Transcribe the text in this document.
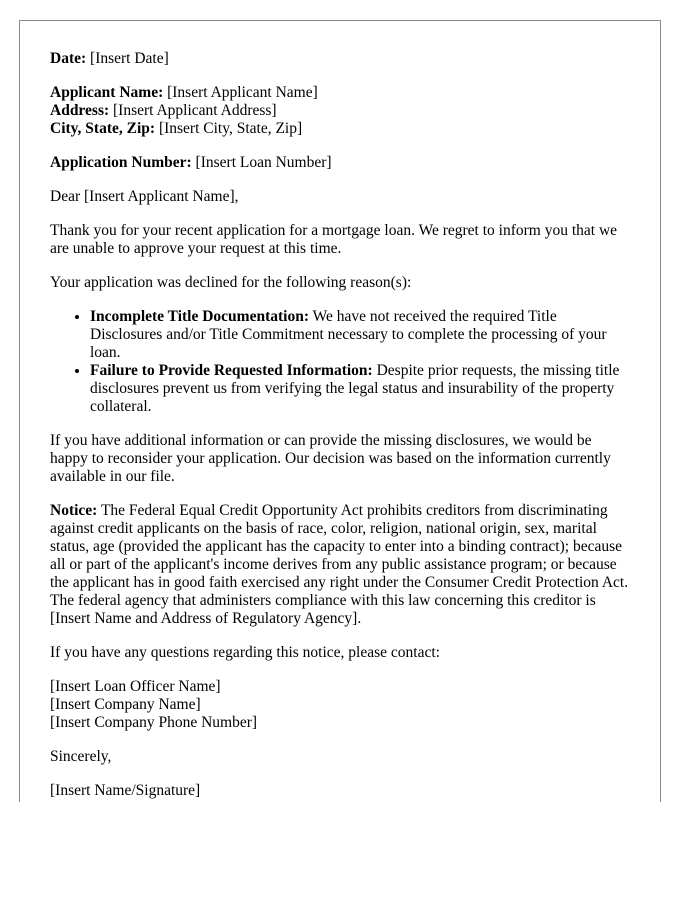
Date: [Insert Date]

Applicant Name: [Insert Applicant Name]

Address: [Insert Applicant Address]

City, State, Zip: [Insert City, State, Zip]

Application Number: [Insert Loan Number]

Dear [Insert Applicant Name],

Thank you for your recent application for a mortgage loan. We regret to inform you that we are unable to approve your request at this time.

Your application was declined for the following reason(s):

• Incomplete Title Documentation: We have not received the required Title Disclosures and/or Title Commitment necessary to complete the processing of your loan.
• Failure to Provide Requested Information: Despite prior requests, the missing title disclosures prevent us from verifying the legal status and insurability of the property collateral.

If you have additional information or can provide the missing disclosures, we would be happy to reconsider your application. Our decision was based on the information currently available in our file.

Notice: The Federal Equal Credit Opportunity Act prohibits creditors from discriminating against credit applicants on the basis of race, color, religion, national origin, sex, marital status, age (provided the applicant has the capacity to enter into a binding contract); because all or part of the applicant's income derives from any public assistance program; or because the applicant has in good faith exercised any right under the Consumer Credit Protection Act. The federal agency that administers compliance with this law concerning this creditor is [Insert Name and Address of Regulatory Agency].

If you have any questions regarding this notice, please contact:

[Insert Loan Officer Name]

[Insert Company Name]

[Insert Company Phone Number]

Sincerely,

[Insert Name/Signature]
